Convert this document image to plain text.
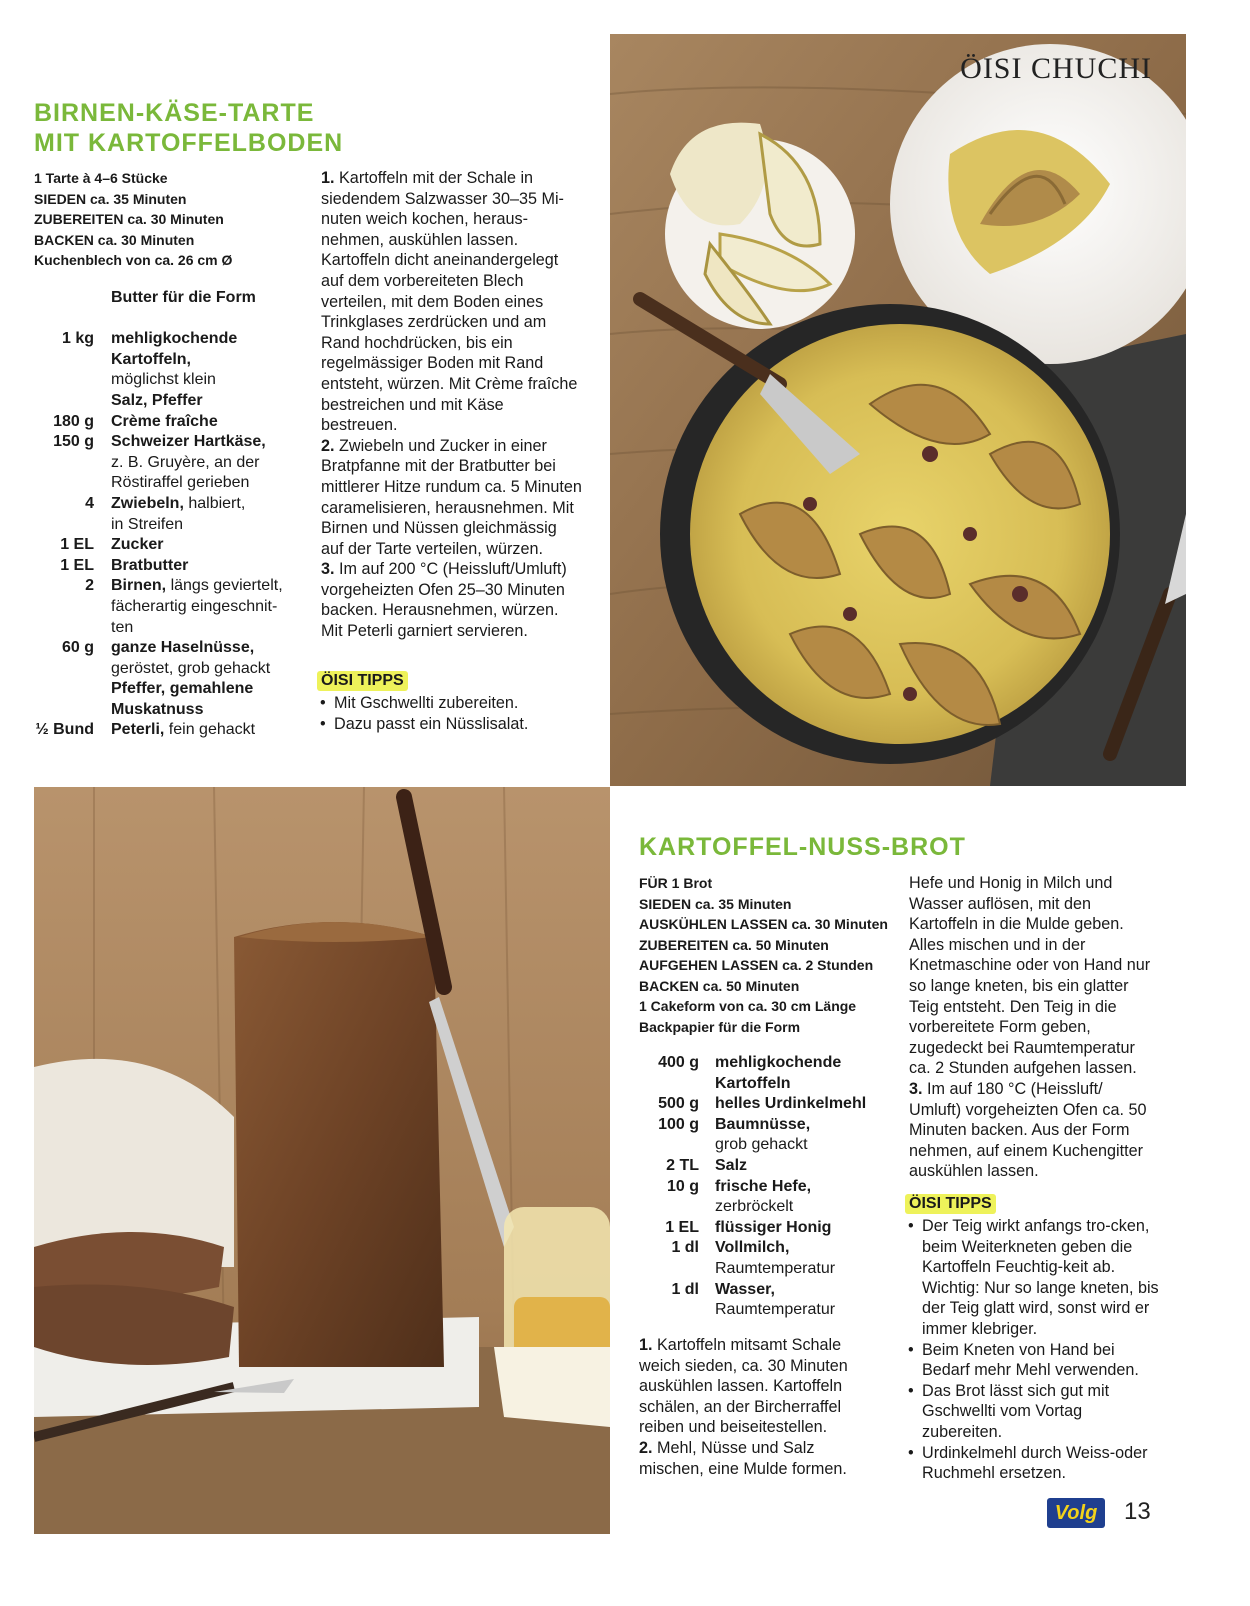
BIRNEN-KÄSE-TARTE
MIT KARTOFFELBODEN
1 Tarte à 4–6 Stücke
SIEDEN ca. 35 Minuten
ZUBEREITEN ca. 30 Minuten
BACKEN ca. 30 Minuten
Kuchenblech von ca. 26 cm Ø
Butter für die Form
1 kg mehligkochende
Kartoffeln,
möglichst klein
Salz, Pfeffer
180 g Crème fraîche
150 g Schweizer Hartkäse,
z. B. Gruyère, an der
Röstiraffel gerieben
4 Zwiebeln, halbiert,
in Streifen
1 EL Zucker
1 EL Bratbutter
2 Birnen, längs geviertelt,
fächerartig eingeschnit-
ten
60 g ganze Haselnüsse,
geröstet, grob gehackt
Pfeffer, gemahlene
Muskatnuss
½ Bund Peterli, fein gehackt

1. Kartoffeln mit der Schale in siedendem Salzwasser 30–35 Mi-nuten weich kochen, heraus-nehmen, auskühlen lassen. Kartoffeln dicht aneinandergelegt auf dem vorbereiteten Blech verteilen, mit dem Boden eines Trinkglases zerdrücken und am Rand hochdrücken, bis ein regelmässiger Boden mit Rand entsteht, würzen. Mit Crème fraîche bestreichen und mit Käse bestreuen.

2. Zwiebeln und Zucker in einer Bratpfanne mit der Bratbutter bei mittlerer Hitze rundum ca. 5 Minuten caramelisieren, herausnehmen. Mit Birnen und Nüssen gleichmässig auf der Tarte verteilen, würzen.

3. Im auf 200 °C (Heissluft/Umluft) vorgeheizten Ofen 25–30 Minuten backen. Herausnehmen, würzen. Mit Peterli garniert servieren.

ÖISI TIPPS
• Mit Gschwellti zubereiten.
• Dazu passt ein Nüsslisalat.
ÖISI CHUCHI
KARTOFFEL-NUSS-BROT
FÜR 1 Brot
SIEDEN ca. 35 Minuten
AUSKÜHLEN LASSEN ca. 30 Minuten
ZUBEREITEN ca. 50 Minuten
AUFGEHEN LASSEN ca. 2 Stunden
BACKEN ca. 50 Minuten
1 Cakeform von ca. 30 cm Länge
Backpapier für die Form
400 g mehligkochende
Kartoffeln
500 g helles Urdinkelmehl
100 g Baumnüsse,
grob gehackt
2 TL Salz
10 g frische Hefe,
zerbröckelt
1 EL flüssiger Honig
1 dl Vollmilch,
Raumtemperatur
1 dl Wasser,
Raumtemperatur

1. Kartoffeln mitsamt Schale weich sieden, ca. 30 Minuten auskühlen lassen. Kartoffeln schälen, an der Bircherraffel reiben und beiseitestellen.

2. Mehl, Nüsse und Salz mischen, eine Mulde formen.

Hefe und Honig in Milch und Wasser auflösen, mit den Kartoffeln in die Mulde geben. Alles mischen und in der Knetmaschine oder von Hand nur so lange kneten, bis ein glatter Teig entsteht. Den Teig in die vorbereitete Form geben, zugedeckt bei Raumtemperatur ca. 2 Stunden aufgehen lassen.

3. Im auf 180 °C (Heissluft/ Umluft) vorgeheizten Ofen ca. 50 Minuten backen. Aus der Form nehmen, auf einem Kuchengitter auskühlen lassen.

ÖISI TIPPS
• Der Teig wirkt anfangs tro-cken, beim Weiterkneten geben die Kartoffeln Feuchtig-keit ab. Wichtig: Nur so lange kneten, bis der Teig glatt wird, sonst wird er immer klebriger.
• Beim Kneten von Hand bei Bedarf mehr Mehl verwenden.
• Das Brot lässt sich gut mit Gschwellti vom Vortag zubereiten.
• Urdinkelmehl durch Weiss-oder Ruchmehl ersetzen.
Volg 13
